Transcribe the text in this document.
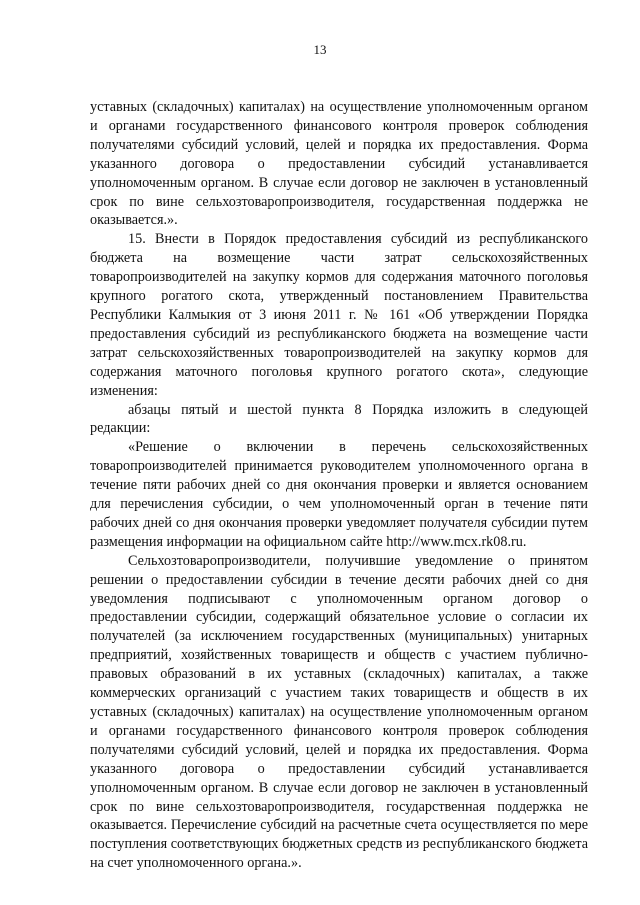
13

уставных (складочных) капиталах) на осуществление уполномоченным органом и органами государственного финансового контроля проверок соблюдения получателями субсидий условий, целей и порядка их предоставления. Форма указанного договора о предоставлении субсидий устанавливается уполномоченным органом. В случае если договор не заключен в установленный срок по вине сельхозтоваропроизводителя, государственная поддержка не оказывается.».

15. Внести в Порядок предоставления субсидий из республиканского бюджета на возмещение части затрат сельскохозяйственных товаропроизводителей на закупку кормов для содержания маточного поголовья крупного рогатого скота, утвержденный постановлением Правительства Республики Калмыкия от 3 июня 2011 г. № 161 «Об утверждении Порядка предоставления субсидий из республиканского бюджета на возмещение части затрат сельскохозяйственных товаропроизводителей на закупку кормов для содержания маточного поголовья крупного рогатого скота», следующие изменения:

абзацы пятый и шестой пункта 8 Порядка изложить в следующей редакции:

«Решение о включении в перечень сельскохозяйственных товаропроизводителей принимается руководителем уполномоченного органа в течение пяти рабочих дней со дня окончания проверки и является основанием для перечисления субсидии, о чем уполномоченный орган в течение пяти рабочих дней со дня окончания проверки уведомляет получателя субсидии путем размещения информации на официальном сайте http://www.mcx.rk08.ru.

Сельхозтоваропроизводители, получившие уведомление о принятом решении о предоставлении субсидии в течение десяти рабочих дней со дня уведомления подписывают с уполномоченным органом договор о предоставлении субсидии, содержащий обязательное условие о согласии их получателей (за исключением государственных (муниципальных) унитарных предприятий, хозяйственных товариществ и обществ с участием публично-правовых образований в их уставных (складочных) капиталах, а также коммерческих организаций с участием таких товариществ и обществ в их уставных (складочных) капиталах) на осуществление уполномоченным органом и органами государственного финансового контроля проверок соблюдения получателями субсидий условий, целей и порядка их предоставления. Форма указанного договора о предоставлении субсидий устанавливается уполномоченным органом. В случае если договор не заключен в установленный срок по вине сельхозтоваропроизводителя, государственная поддержка не оказывается. Перечисление субсидий на расчетные счета осуществляется по мере поступления соответствующих бюджетных средств из республиканского бюджета на счет уполномоченного органа.».
